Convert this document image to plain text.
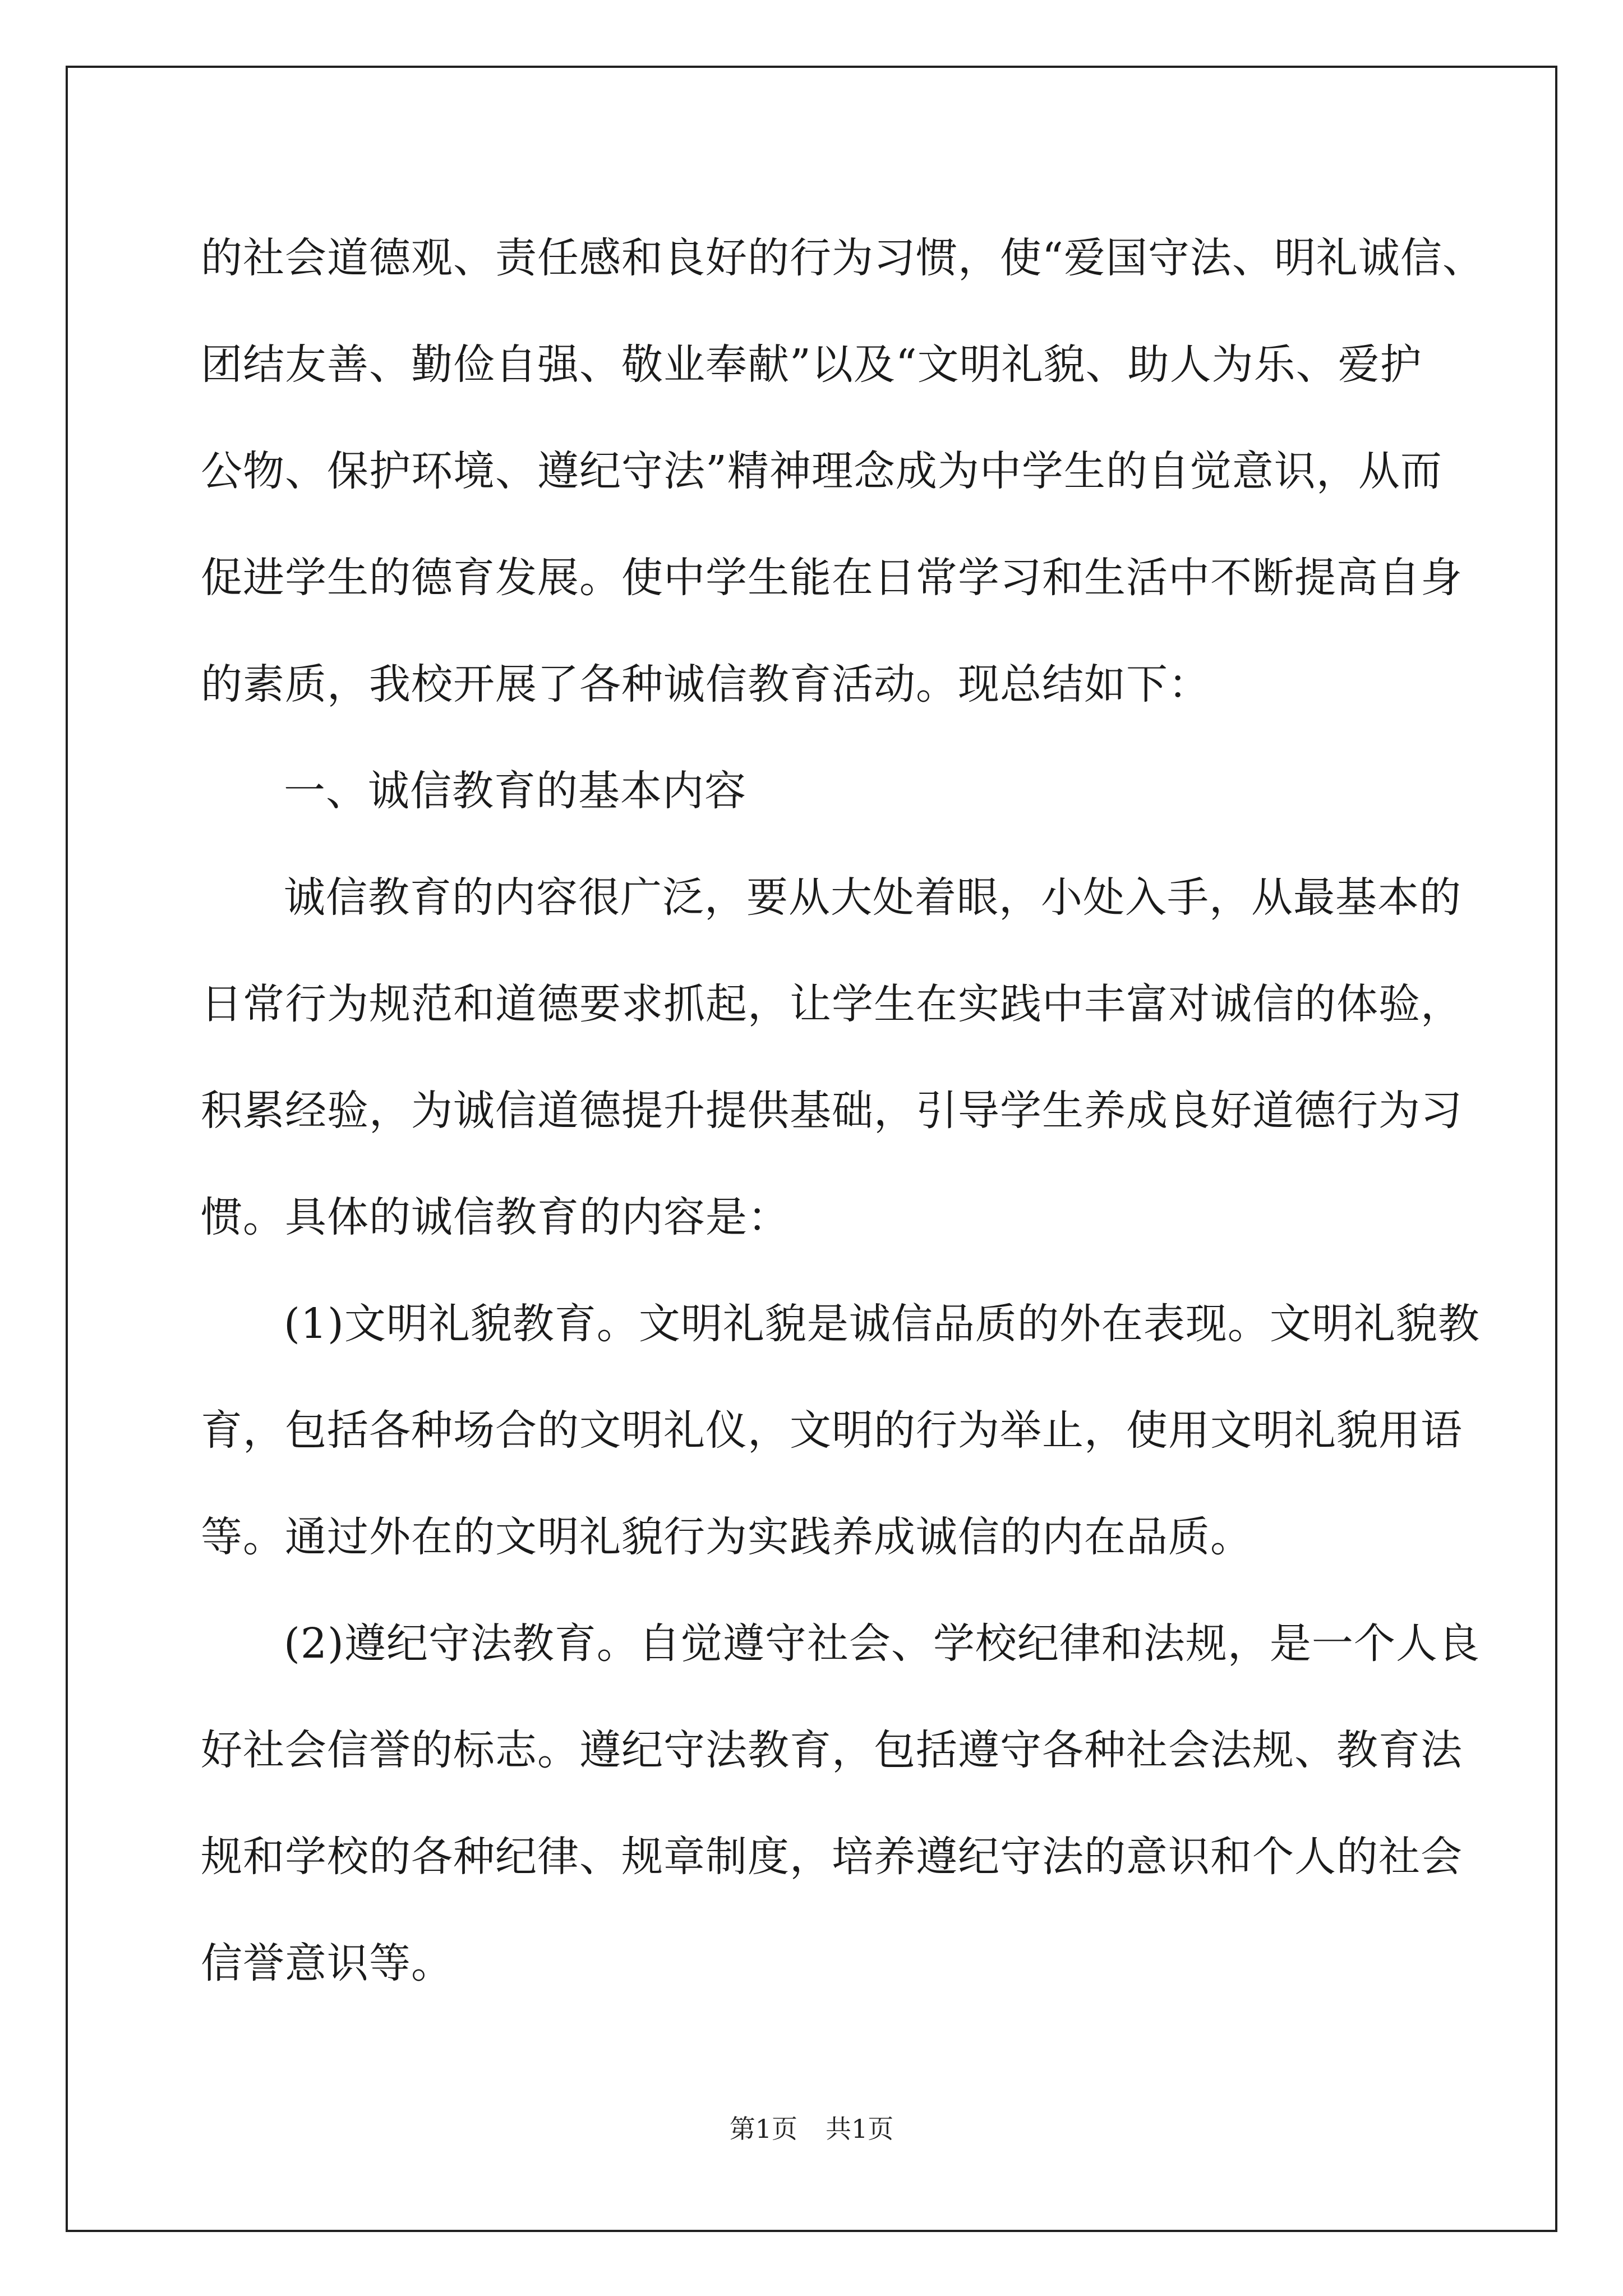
的社会道德观、责任感和良好的行为习惯，使“爱国守法、明礼诚信、
团结友善、勤俭自强、敬业奉献”以及“文明礼貌、助人为乐、爱护
公物、保护环境、遵纪守法”精神理念成为中学生的自觉意识，从而
促进学生的德育发展。使中学生能在日常学习和生活中不断提高自身
的素质，我校开展了各种诚信教育活动。现总结如下：
一、诚信教育的基本内容
诚信教育的内容很广泛，要从大处着眼，小处入手，从最基本的
日常行为规范和道德要求抓起，让学生在实践中丰富对诚信的体验，
积累经验，为诚信道德提升提供基础，引导学生养成良好道德行为习
惯。具体的诚信教育的内容是：
(1)文明礼貌教育。文明礼貌是诚信品质的外在表现。文明礼貌教
育，包括各种场合的文明礼仪，文明的行为举止，使用文明礼貌用语
等。通过外在的文明礼貌行为实践养成诚信的内在品质。
(2)遵纪守法教育。自觉遵守社会、学校纪律和法规，是一个人良
好社会信誉的标志。遵纪守法教育，包括遵守各种社会法规、教育法
规和学校的各种纪律、规章制度，培养遵纪守法的意识和个人的社会
信誉意识等。
第1页 共1页
